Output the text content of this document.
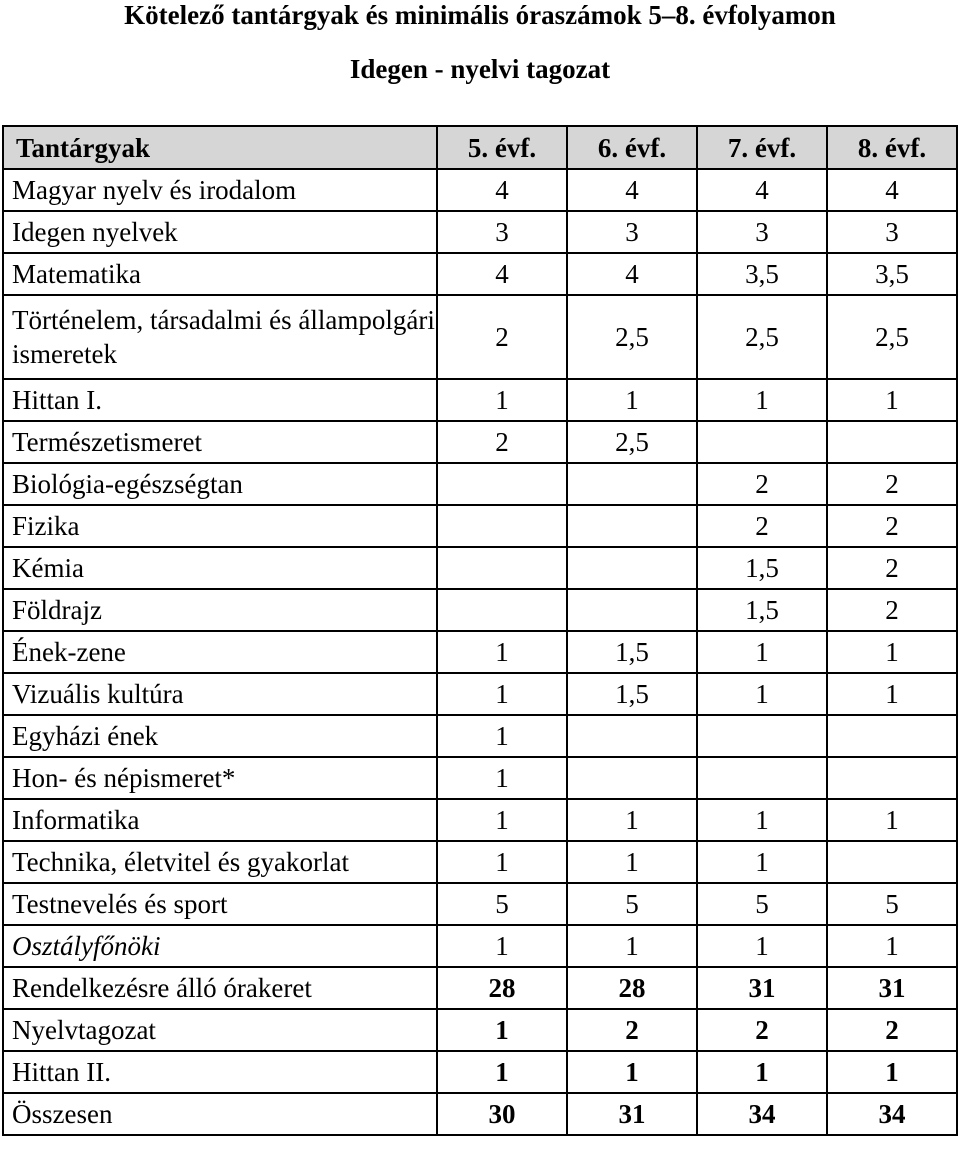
Kötelező tantárgyak és minimális óraszámok 5–8. évfolyamon
Idegen - nyelvi tagozat
Tantárgyak	5. évf.	6. évf.	7. évf.	8. évf.
Magyar nyelv és irodalom	4	4	4	4
Idegen nyelvek	3	3	3	3
Matematika	4	4	3,5	3,5
Történelem, társadalmi és állampolgári ismeretek	2	2,5	2,5	2,5
Hittan I.	1	1	1	1
Természetismeret	2	2,5		
Biológia-egészségtan			2	2
Fizika			2	2
Kémia			1,5	2
Földrajz			1,5	2
Ének-zene	1	1,5	1	1
Vizuális kultúra	1	1,5	1	1
Egyházi ének	1			
Hon- és népismeret*	1			
Informatika	1	1	1	1
Technika, életvitel és gyakorlat	1	1	1	
Testnevelés és sport	5	5	5	5
Osztályfőnöki	1	1	1	1
Rendelkezésre álló órakeret	28	28	31	31
Nyelvtagozat	1	2	2	2
Hittan II.	1	1	1	1
Összesen	30	31	34	34
